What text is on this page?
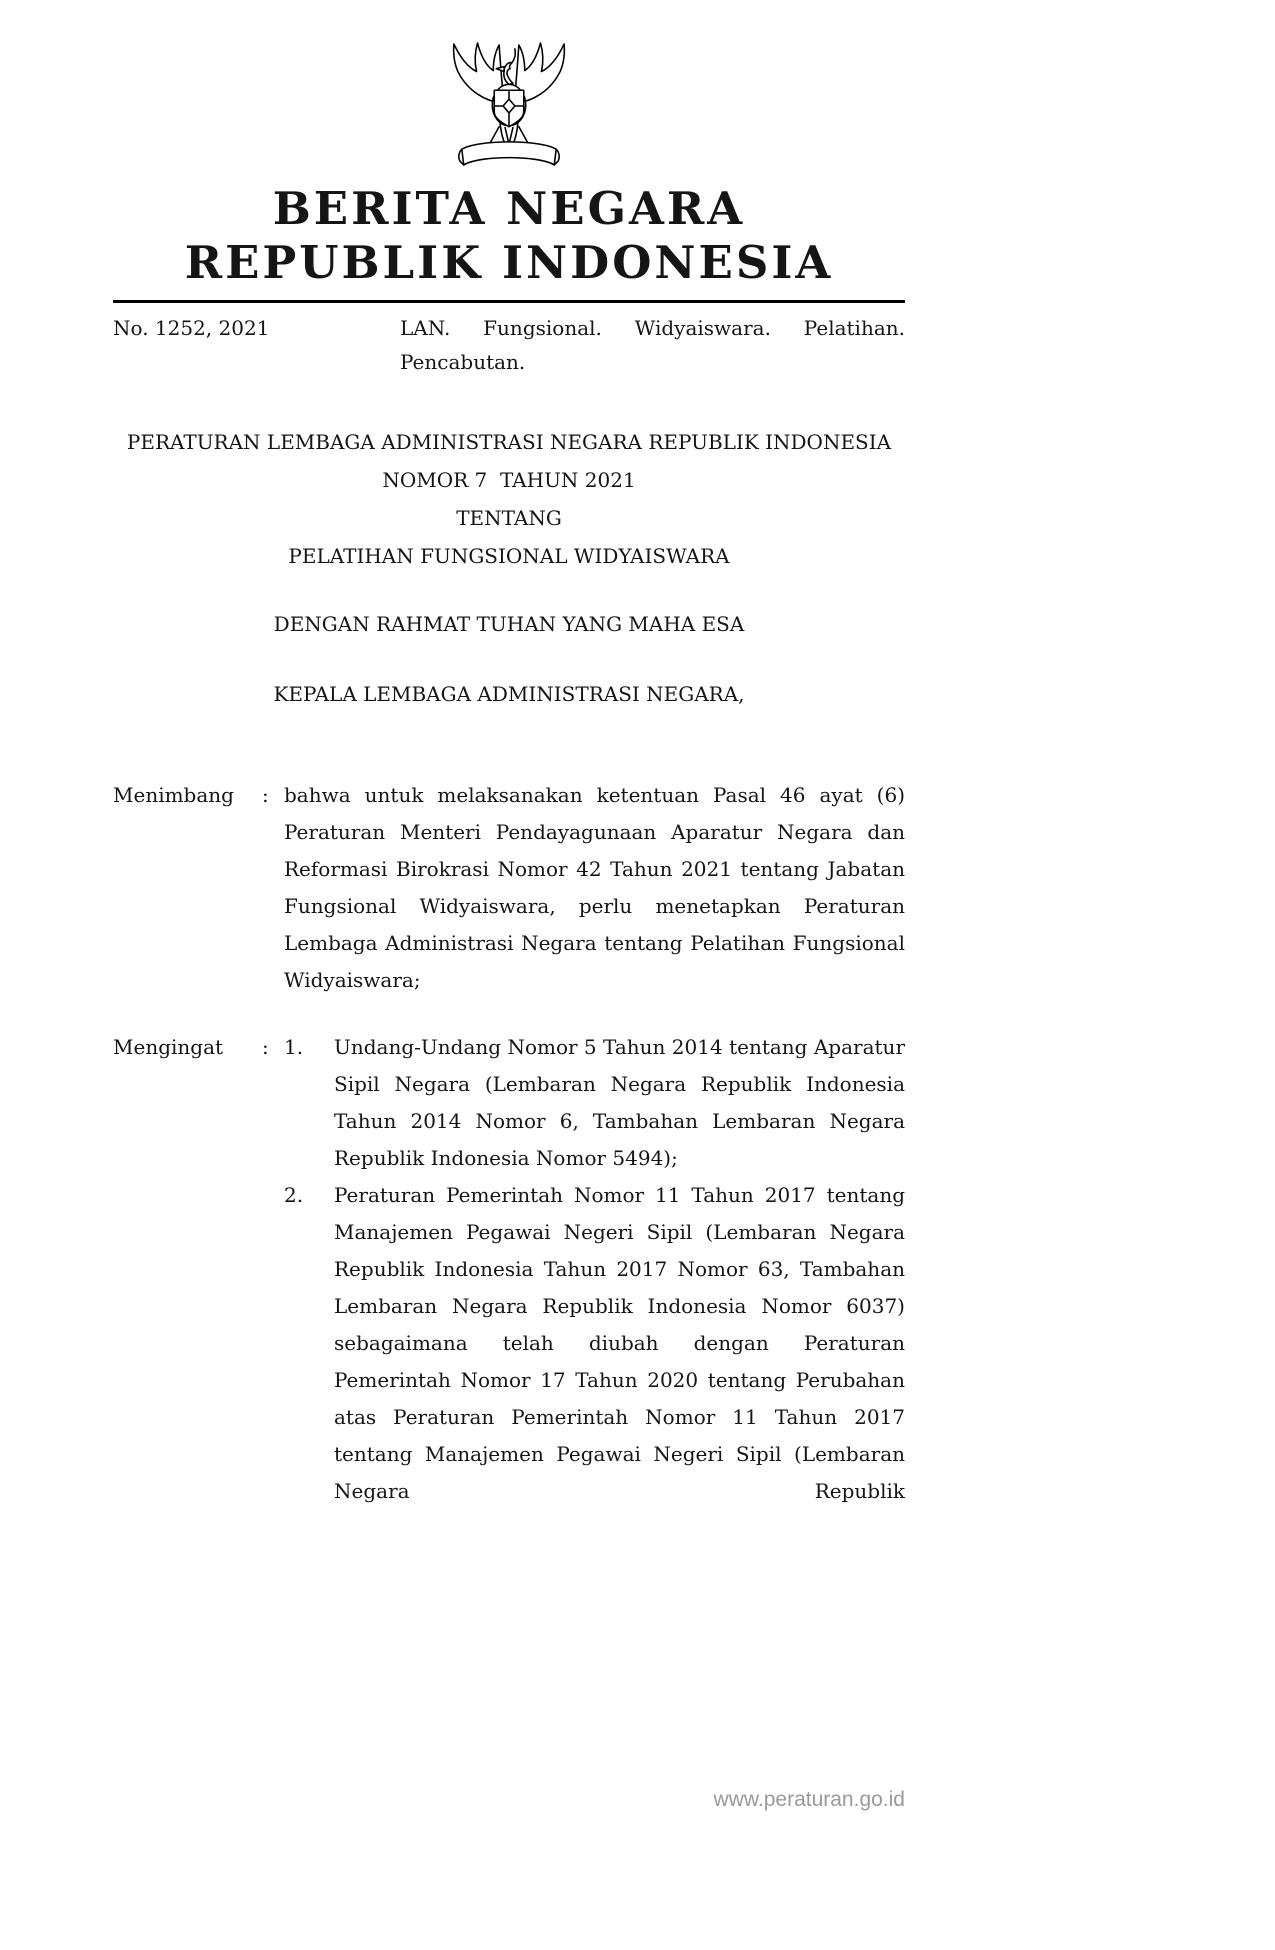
BERITA NEGARA
REPUBLIK INDONESIA
No. 1252, 2021	LAN. Fungsional. Widyaiswara. Pelatihan. Pencabutan.
PERATURAN LEMBAGA ADMINISTRASI NEGARA REPUBLIK INDONESIA
NOMOR 7  TAHUN 2021
TENTANG
PELATIHAN FUNGSIONAL WIDYAISWARA
DENGAN RAHMAT TUHAN YANG MAHA ESA
KEPALA LEMBAGA ADMINISTRASI NEGARA,
Menimbang	: bahwa untuk melaksanakan ketentuan Pasal 46 ayat (6) Peraturan Menteri Pendayagunaan Aparatur Negara dan Reformasi Birokrasi Nomor 42 Tahun 2021 tentang Jabatan Fungsional Widyaiswara, perlu menetapkan Peraturan Lembaga Administrasi Negara tentang Pelatihan Fungsional Widyaiswara;
Mengingat	: 1.	Undang-Undang Nomor 5 Tahun 2014 tentang Aparatur Sipil Negara (Lembaran Negara Republik Indonesia Tahun 2014 Nomor 6, Tambahan Lembaran Negara Republik Indonesia Nomor 5494);
2.	Peraturan Pemerintah Nomor 11 Tahun 2017 tentang Manajemen Pegawai Negeri Sipil (Lembaran Negara Republik Indonesia Tahun 2017 Nomor 63, Tambahan Lembaran Negara Republik Indonesia Nomor 6037) sebagaimana telah diubah dengan Peraturan Pemerintah Nomor 17 Tahun 2020 tentang Perubahan atas Peraturan Pemerintah Nomor 11 Tahun 2017 tentang Manajemen Pegawai Negeri Sipil (Lembaran Negara Republik
www.peraturan.go.id
